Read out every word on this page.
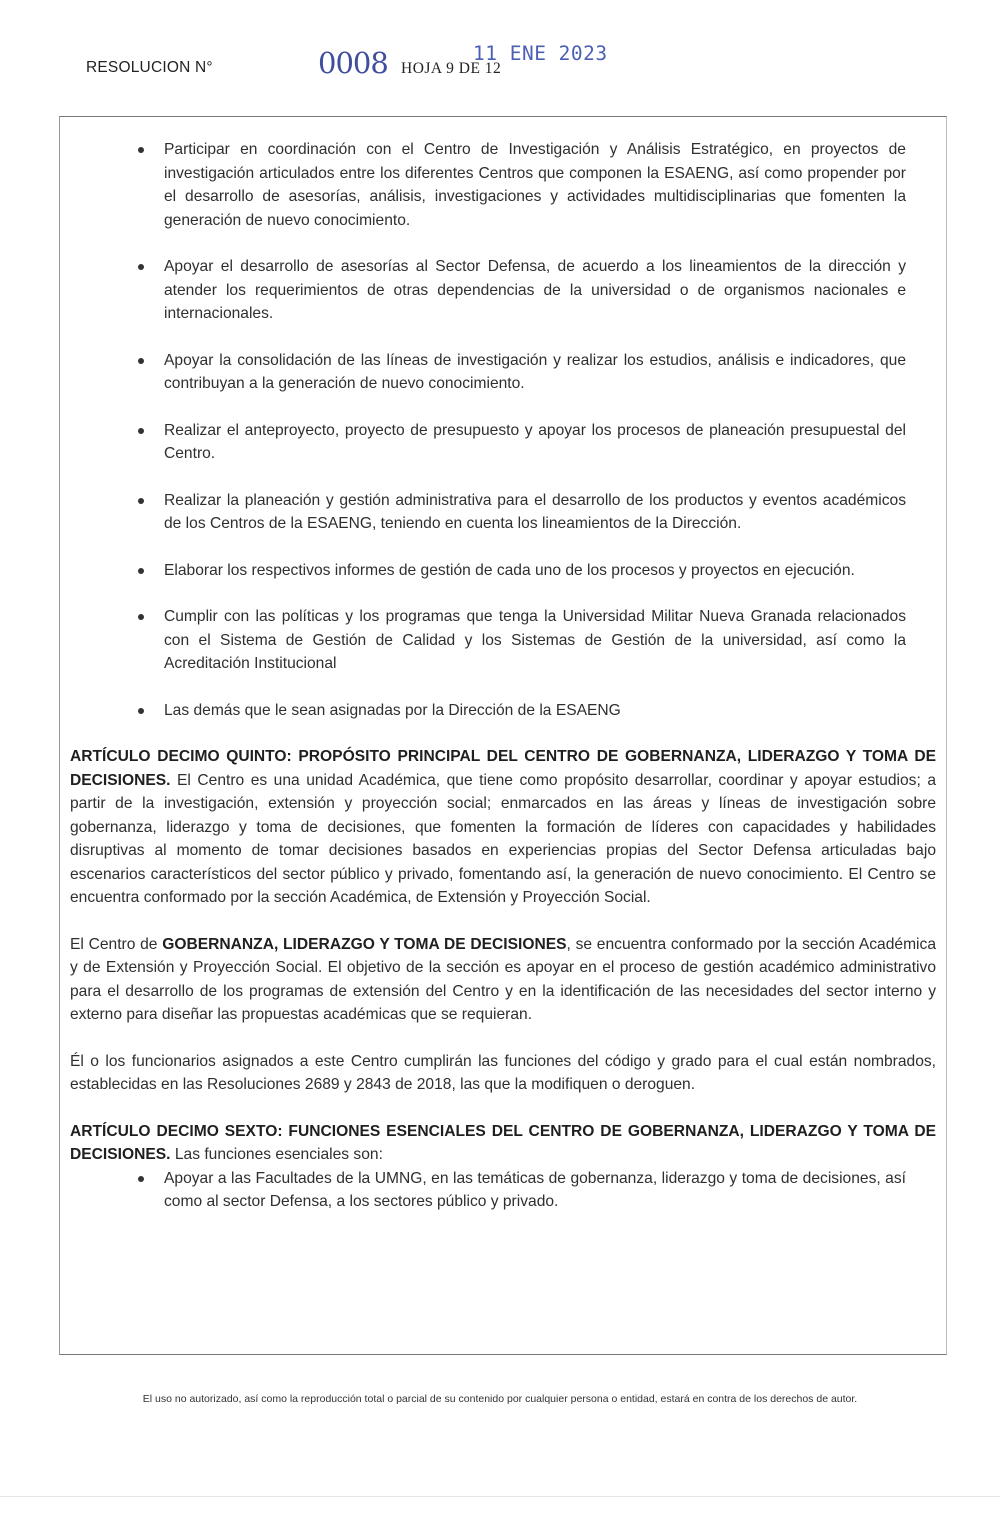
RESOLUCION N°	0008 HOJA 9 DE 12
11 ENE 2023
Participar en coordinación con el Centro de Investigación y Análisis Estratégico, en proyectos de investigación articulados entre los diferentes Centros que componen la ESAENG, así como propender por el desarrollo de asesorías, análisis, investigaciones y actividades multidisciplinarias que fomenten la generación de nuevo conocimiento.
Apoyar el desarrollo de asesorías al Sector Defensa, de acuerdo a los lineamientos de la dirección y atender los requerimientos de otras dependencias de la universidad o de organismos nacionales e internacionales.
Apoyar la consolidación de las líneas de investigación y realizar los estudios, análisis e indicadores, que contribuyan a la generación de nuevo conocimiento.
Realizar el anteproyecto, proyecto de presupuesto y apoyar los procesos de planeación presupuestal del Centro.
Realizar la planeación y gestión administrativa para el desarrollo de los productos y eventos académicos de los Centros de la ESAENG, teniendo en cuenta los lineamientos de la Dirección.
Elaborar los respectivos informes de gestión de cada uno de los procesos y proyectos en ejecución.
Cumplir con las políticas y los programas que tenga la Universidad Militar Nueva Granada relacionados con el Sistema de Gestión de Calidad y los Sistemas de Gestión de la universidad, así como la Acreditación Institucional
Las demás que le sean asignadas por la Dirección de la ESAENG

ARTÍCULO DECIMO QUINTO: PROPÓSITO PRINCIPAL DEL CENTRO DE GOBERNANZA, LIDERAZGO Y TOMA DE DECISIONES. El Centro es una unidad Académica, que tiene como propósito desarrollar, coordinar y apoyar estudios; a partir de la investigación, extensión y proyección social; enmarcados en las áreas y líneas de investigación sobre gobernanza, liderazgo y toma de decisiones, que fomenten la formación de líderes con capacidades y habilidades disruptivas al momento de tomar decisiones basados en experiencias propias del Sector Defensa articuladas bajo escenarios característicos del sector público y privado, fomentando así, la generación de nuevo conocimiento. El Centro se encuentra conformado por la sección Académica, de Extensión y Proyección Social.

El Centro de GOBERNANZA, LIDERAZGO Y TOMA DE DECISIONES, se encuentra conformado por la sección Académica y de Extensión y Proyección Social. El objetivo de la sección es apoyar en el proceso de gestión académico administrativo para el desarrollo de los programas de extensión del Centro y en la identificación de las necesidades del sector interno y externo para diseñar las propuestas académicas que se requieran.

Él o los funcionarios asignados a este Centro cumplirán las funciones del código y grado para el cual están nombrados, establecidas en las Resoluciones 2689 y 2843 de 2018, las que la modifiquen o deroguen.

ARTÍCULO DECIMO SEXTO: FUNCIONES ESENCIALES DEL CENTRO DE GOBERNANZA, LIDERAZGO Y TOMA DE DECISIONES. Las funciones esenciales son:

Apoyar a las Facultades de la UMNG, en las temáticas de gobernanza, liderazgo y toma de decisiones, así como al sector Defensa, a los sectores público y privado.
El uso no autorizado, así como la reproducción total o parcial de su contenido por cualquier persona o entidad, estará en contra de los derechos de autor.
